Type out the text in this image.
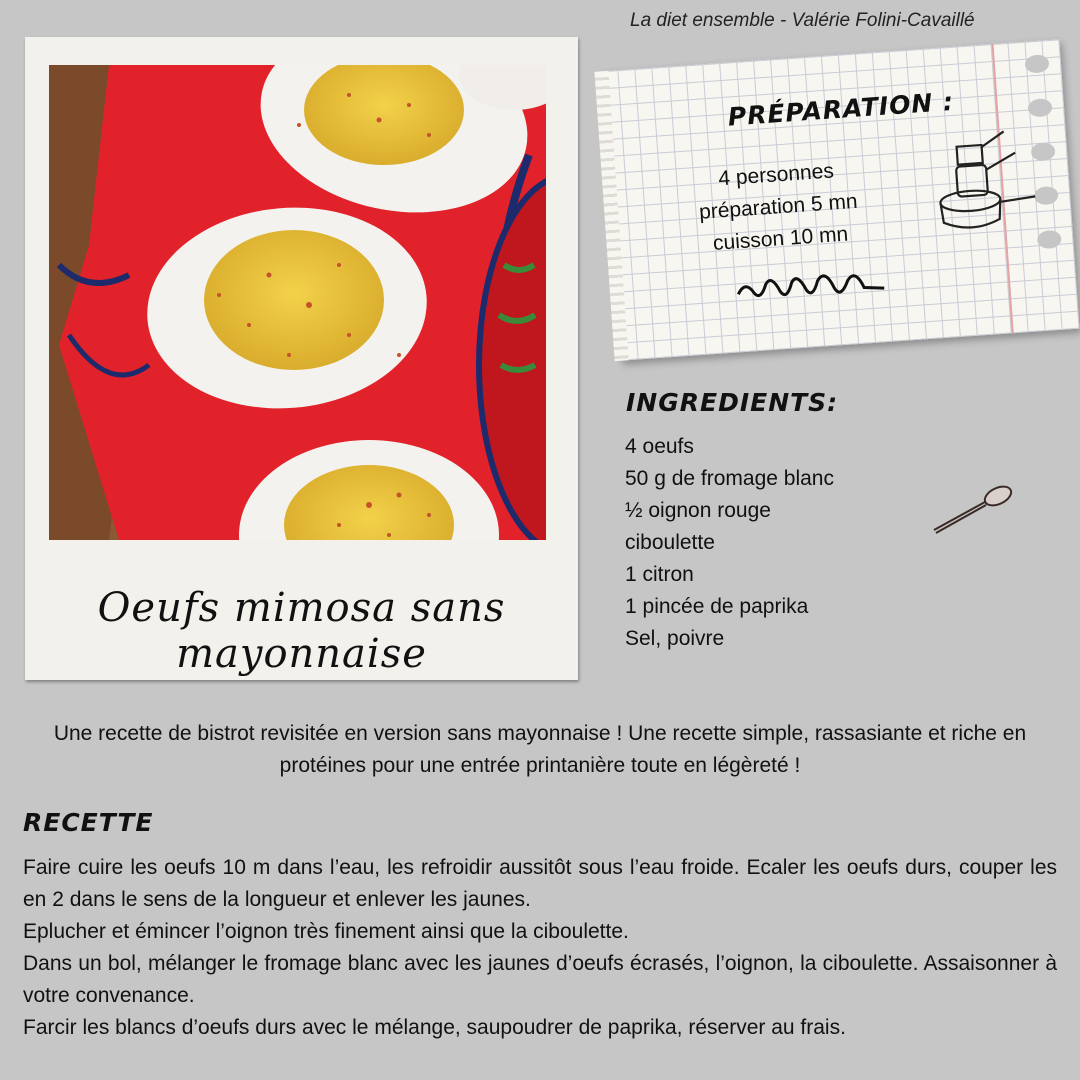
La diet ensemble - Valérie Folini-Cavaillé
Oeufs mimosa sans mayonnaise
PRÉPARATION :
4 personnes
préparation 5 mn
cuisson 10 mn
INGREDIENTS:
4 oeufs
50 g de fromage blanc
½ oignon rouge
ciboulette
1 citron
1 pincée de paprika
Sel, poivre
Une recette de bistrot revisitée en version sans mayonnaise ! Une recette simple, rassasiante et riche en protéines pour une entrée printanière toute en légèreté !
RECETTE

Faire cuire les oeufs 10 m dans l’eau, les refroidir aussitôt sous l’eau froide. Ecaler les oeufs durs, couper les en 2 dans le sens de la longueur et enlever les jaunes.

Eplucher et émincer l’oignon très finement ainsi que la ciboulette.

Dans un bol, mélanger le fromage blanc avec les jaunes d’oeufs écrasés, l’oignon, la ciboulette. Assaisonner à votre convenance.

Farcir les blancs d’oeufs durs avec le mélange, saupoudrer de paprika, réserver au frais.
